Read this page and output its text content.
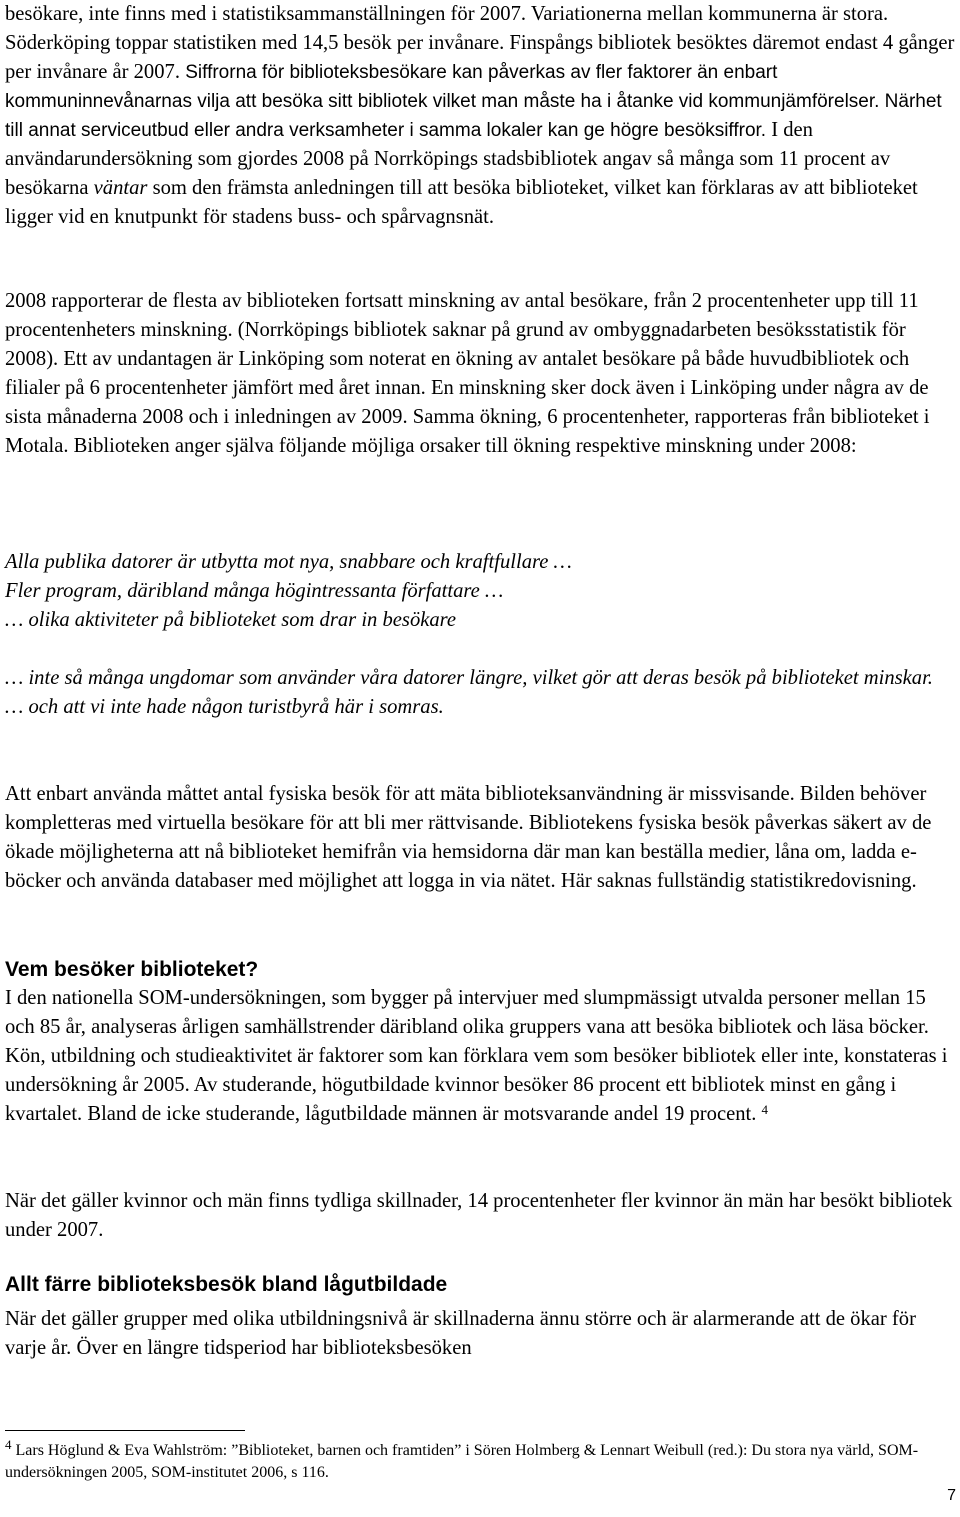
besökare, inte finns med i statistiksammanställningen för 2007. Variationerna mellan kommunerna är stora. Söderköping toppar statistiken med 14,5 besök per invånare. Finspångs bibliotek besöktes däremot endast 4 gånger per invånare år 2007. Siffrorna för biblioteksbesökare kan påverkas av fler faktorer än enbart kommuninnevånarnas vilja att besöka sitt bibliotek vilket man måste ha i åtanke vid kommunjämförelser. Närhet till annat serviceutbud eller andra verksamheter i samma lokaler kan ge högre besöksiffror. I den användarundersökning som gjordes 2008 på Norrköpings stadsbibliotek angav så många som 11 procent av besökarna väntar som den främsta anledningen till att besöka biblioteket, vilket kan förklaras av att biblioteket ligger vid en knutpunkt för stadens buss- och spårvagnsnät.

2008 rapporterar de flesta av biblioteken fortsatt minskning av antal besökare, från 2 procentenheter upp till 11 procentenheters minskning. (Norrköpings bibliotek saknar på grund av ombyggnadarbeten besöksstatistik för 2008). Ett av undantagen är Linköping som noterat en ökning av antalet besökare på både huvudbibliotek och filialer på 6 procentenheter jämfört med året innan. En minskning sker dock även i Linköping under några av de sista månaderna 2008 och i inledningen av 2009. Samma ökning, 6 procentenheter, rapporteras från biblioteket i Motala. Biblioteken anger själva följande möjliga orsaker till ökning respektive minskning under 2008:

Alla publika datorer är utbytta mot nya, snabbare och kraftfullare …
Fler program, däribland många högintressanta författare …
… olika aktiviteter på biblioteket som drar in besökare
… inte så många ungdomar som använder våra datorer längre, vilket gör att deras besök på biblioteket minskar.
… och att vi inte hade någon turistbyrå här i somras.

Att enbart använda måttet antal fysiska besök för att mäta biblioteksanvändning är missvisande. Bilden behöver kompletteras med virtuella besökare för att bli mer rättvisande. Bibliotekens fysiska besök påverkas säkert av de ökade möjligheterna att nå biblioteket hemifrån via hemsidorna där man kan beställa medier, låna om, ladda e-böcker och använda databaser med möjlighet att logga in via nätet. Här saknas fullständig statistikredovisning.

Vem besöker biblioteket?

I den nationella SOM-undersökningen, som bygger på intervjuer med slumpmässigt utvalda personer mellan 15 och 85 år, analyseras årligen samhällstrender däribland olika gruppers vana att besöka bibliotek och läsa böcker. Kön, utbildning och studieaktivitet är faktorer som kan förklara vem som besöker bibliotek eller inte, konstateras i undersökning år 2005. Av studerande, högutbildade kvinnor besöker 86 procent ett bibliotek minst en gång i kvartalet. Bland de icke studerande, lågutbildade männen är motsvarande andel 19 procent. $^4$

När det gäller kvinnor och män finns tydliga skillnader, 14 procentenheter fler kvinnor än män har besökt bibliotek under 2007.

Allt färre biblioteksbesök bland lågutbildade

När det gäller grupper med olika utbildningsnivå är skillnaderna ännu större och är alarmerande att de ökar för varje år. Över en längre tidsperiod har biblioteksbesöken

$^4$ Lars Höglund & Eva Wahlström: ”Biblioteket, barnen och framtiden” i Sören Holmberg & Lennart Weibull (red.): Du stora nya värld, SOM-undersökningen 2005, SOM-institutet 2006, s 116.

7
